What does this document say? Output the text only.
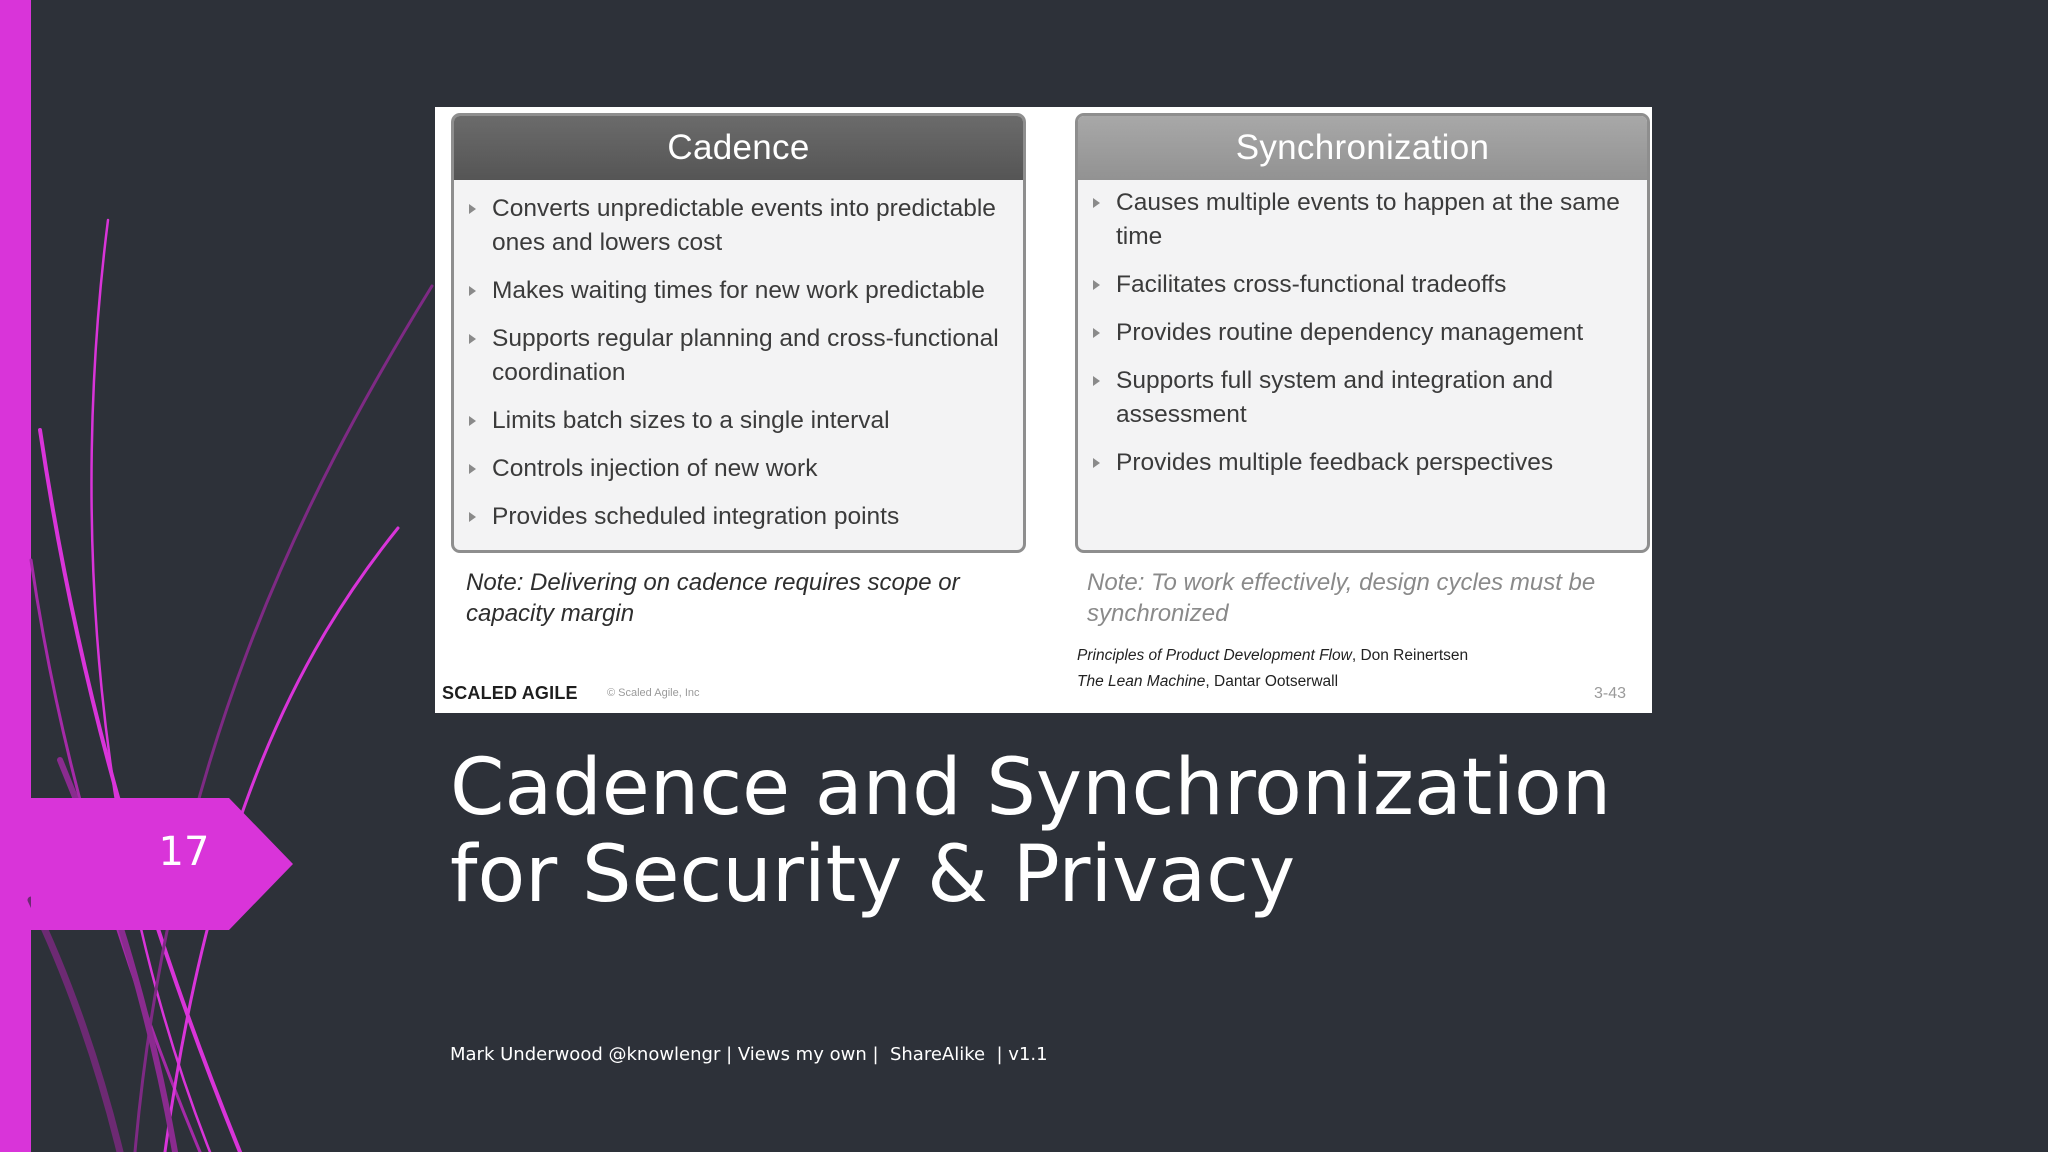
17
Cadence
Converts unpredictable events into predictable ones and lowers cost
Makes waiting times for new work predictable
Supports regular planning and cross-functional coordination
Limits batch sizes to a single interval
Controls injection of new work
Provides scheduled integration points
Synchronization
Causes multiple events to happen at the same time
Facilitates cross-functional tradeoffs
Provides routine dependency management
Supports full system and integration and assessment
Provides multiple feedback perspectives
Note: Delivering on cadence requires scope or capacity margin
Note: To work effectively, design cycles must be synchronized
Principles of Product Development Flow, Don Reinertsen
The Lean Machine, Dantar Ootserwall
SCALED AGILE	© Scaled Agile, Inc	3-43
Cadence and Synchronization
for Security & Privacy
Mark Underwood @knowlengr | Views my own |  ShareAlike  | v1.1
